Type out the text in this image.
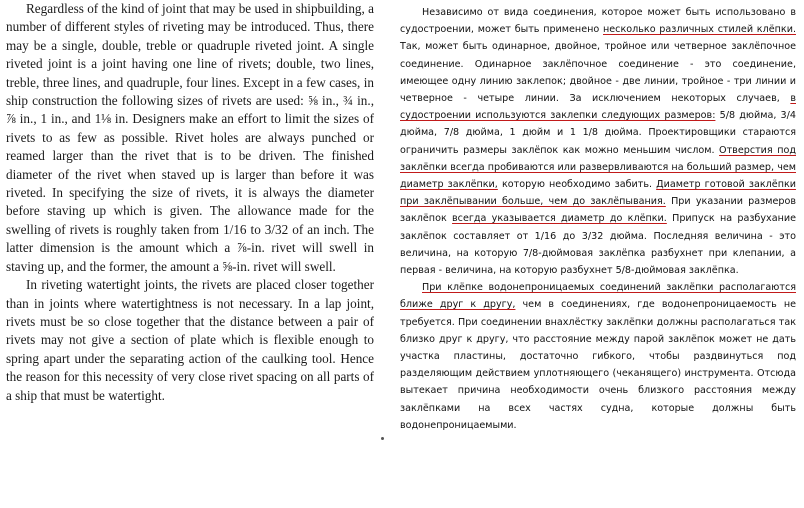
Regardless of the kind of joint that may be used in shipbuilding, a number of different styles of riveting may be introduced. Thus, there may be a single, double, treble or quadruple riveted joint. A single riveted joint is a joint having one line of rivets; double, two lines, treble, three lines, and quadruple, four lines. Except in a few cases, in ship construction the following sizes of rivets are used: ⅝ in., ¾ in., ⅞ in., 1 in., and 1⅛ in. Designers make an effort to limit the sizes of rivets to as few as possible. Rivet holes are always punched or reamed larger than the rivet that is to be driven. The finished diameter of the rivet when staved up is larger than before it was riveted. In specifying the size of rivets, it is always the diameter before staving up which is given. The allowance made for the swelling of rivets is roughly taken from 1/16 to 3/32 of an inch. The latter dimension is the amount which a ⅞-in. rivet will swell in staving up, and the former, the amount a ⅝-in. rivet will swell.

In riveting watertight joints, the rivets are placed closer together than in joints where watertightness is not necessary. In a lap joint, rivets must be so close together that the distance between a pair of rivets may not give a section of plate which is flexible enough to spring apart under the separating action of the caulking tool. Hence the reason for this necessity of very close rivet spacing on all parts of a ship that must be watertight.

Независимо от вида соединения, которое может быть использовано в судостроении, может быть применено несколько различных стилей клёпки. Так, может быть одинарное, двойное, тройное или четверное заклёпочное соединение. Одинарное заклёпочное соединение - это соединение, имеющее одну линию заклепок; двойное - две линии, тройное - три линии и четверное - четыре линии. За исключением некоторых случаев, в судостроении используются заклепки следующих размеров: 5/8 дюйма, 3/4 дюйма, 7/8 дюйма, 1 дюйм и 1 1/8 дюйма. Проектировщики стараются ограничить размеры заклёпок как можно меньшим числом. Отверстия под заклёпки всегда пробиваются или развервливаются на больший размер, чем диаметр заклёпки, которую необходимо забить. Диаметр готовой заклёпки при заклёпывании больше, чем до заклёпывания. При указании размеров заклёпок всегда указывается диаметр до клёпки. Припуск на разбухание заклёпок составляет от 1/16 до 3/32 дюйма. Последняя величина - это величина, на которую 7/8-дюймовая заклёпка разбухнет при клепании, а первая - величина, на которую разбухнет 5/8-дюймовая заклёпка.

При клёпке водонепроницаемых соединений заклёпки располагаются ближе друг к другу, чем в соединениях, где водонепроницаемость не требуется. При соединении внахлёстку заклёпки должны располагаться так близко друг к другу, что расстояние между парой заклёпок может не дать участка пластины, достаточно гибкого, чтобы раздвинуться под разделяющим действием уплотняющего (чеканящего) инструмента. Отсюда вытекает причина необходимости очень близкого расстояния между заклёпками на всех частях судна, которые должны быть водонепроницаемыми.
